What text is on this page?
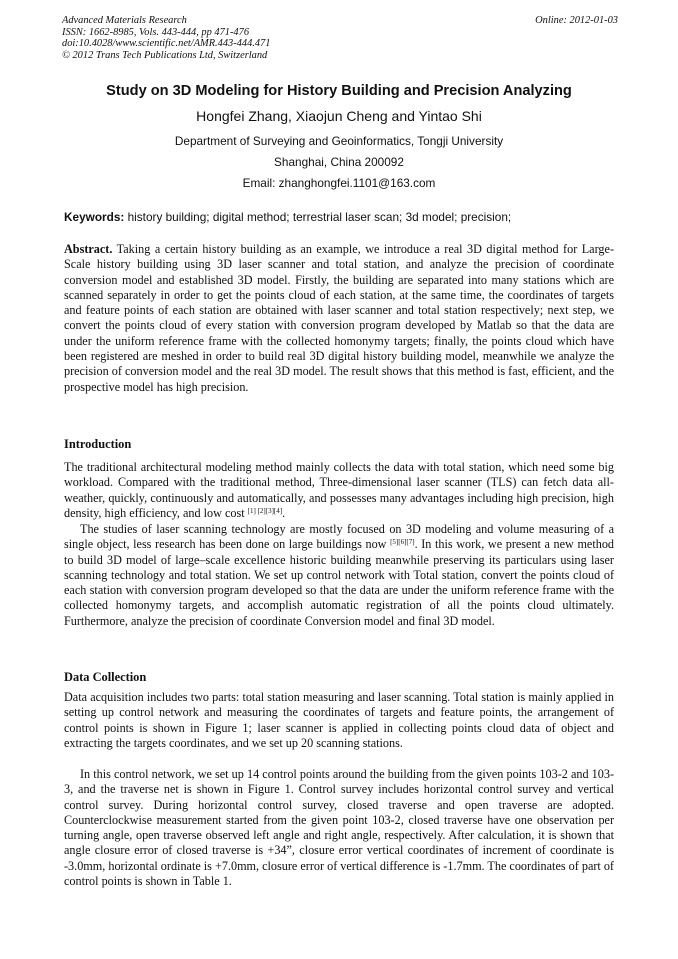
Advanced Materials Research
ISSN: 1662-8985, Vols. 443-444, pp 471-476
doi:10.4028/www.scientific.net/AMR.443-444.471
© 2012 Trans Tech Publications Ltd, Switzerland
Online: 2012-01-03
Study on 3D Modeling for History Building and Precision Analyzing
Hongfei Zhang, Xiaojun Cheng and Yintao Shi
Department of Surveying and Geoinformatics, Tongji University
Shanghai, China 200092
Email: zhanghongfei.1101@163.com
Keywords: history building; digital method; terrestrial laser scan; 3d model; precision;

Abstract. Taking a certain history building as an example, we introduce a real 3D digital method for Large-Scale history building using 3D laser scanner and total station, and analyze the precision of coordinate conversion model and established 3D model. Firstly, the building are separated into many stations which are scanned separately in order to get the points cloud of each station, at the same time, the coordinates of targets and feature points of each station are obtained with laser scanner and total station respectively; next step, we convert the points cloud of every station with conversion program developed by Matlab so that the data are under the uniform reference frame with the collected homonymy targets; finally, the points cloud which have been registered are meshed in order to build real 3D digital history building model, meanwhile we analyze the precision of conversion model and the real 3D model. The result shows that this method is fast, efficient, and the prospective model has high precision.

Introduction

The traditional architectural modeling method mainly collects the data with total station, which need some big workload. Compared with the traditional method, Three-dimensional laser scanner (TLS) can fetch data all-weather, quickly, continuously and automatically, and possesses many advantages including high precision, high density, high efficiency, and low cost [1] [2][3][4].

The studies of laser scanning technology are mostly focused on 3D modeling and volume measuring of a single object, less research has been done on large buildings now [5][6][7]. In this work, we present a new method to build 3D model of large–scale excellence historic building meanwhile preserving its particulars using laser scanning technology and total station. We set up control network with Total station, convert the points cloud of each station with conversion program developed so that the data are under the uniform reference frame with the collected homonymy targets, and accomplish automatic registration of all the points cloud ultimately. Furthermore, analyze the precision of coordinate Conversion model and final 3D model.

Data Collection

Data acquisition includes two parts: total station measuring and laser scanning. Total station is mainly applied in setting up control network and measuring the coordinates of targets and feature points, the arrangement of control points is shown in Figure 1; laser scanner is applied in collecting points cloud data of object and extracting the targets coordinates, and we set up 20 scanning stations.

In this control network, we set up 14 control points around the building from the given points 103-2 and 103-3, and the traverse net is shown in Figure 1. Control survey includes horizontal control survey and vertical control survey. During horizontal control survey, closed traverse and open traverse are adopted. Counterclockwise measurement started from the given point 103-2, closed traverse have one observation per turning angle, open traverse observed left angle and right angle, respectively. After calculation, it is shown that angle closure error of closed traverse is +34”, closure error vertical coordinates of increment of coordinate is -3.0mm, horizontal ordinate is +7.0mm, closure error of vertical difference is -1.7mm. The coordinates of part of control points is shown in Table 1.
